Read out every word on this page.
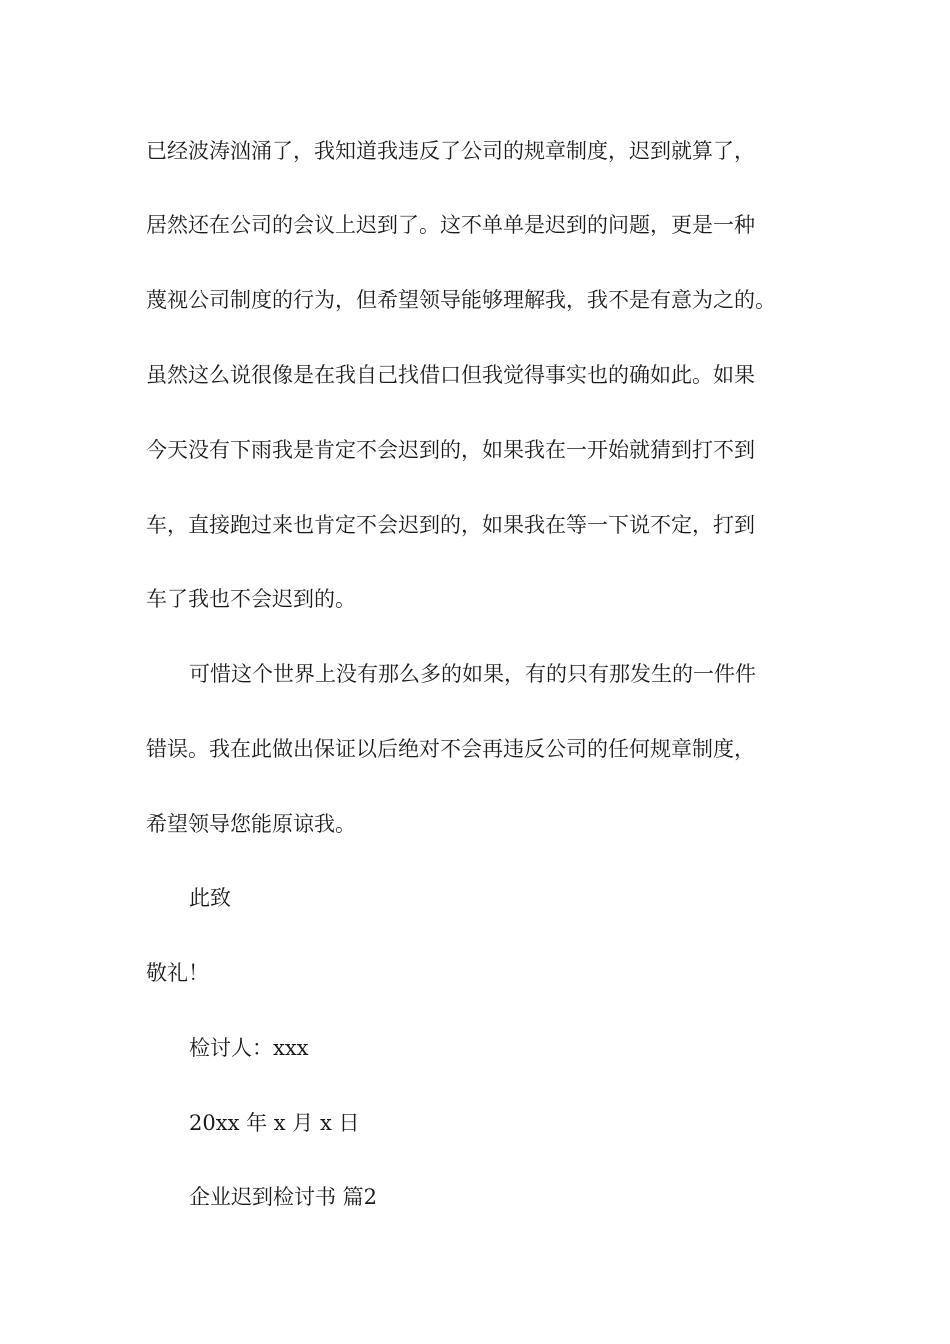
已经波涛汹涌了，我知道我违反了公司的规章制度，迟到就算了，
居然还在公司的会议上迟到了。这不单单是迟到的问题，更是一种
蔑视公司制度的行为，但希望领导能够理解我，我不是有意为之的。
虽然这么说很像是在我自己找借口但我觉得事实也的确如此。如果
今天没有下雨我是肯定不会迟到的，如果我在一开始就猜到打不到
车，直接跑过来也肯定不会迟到的，如果我在等一下说不定，打到
车了我也不会迟到的。
可惜这个世界上没有那么多的如果，有的只有那发生的一件件
错误。我在此做出保证以后绝对不会再违反公司的任何规章制度，
希望领导您能原谅我。
此致
敬礼！
检讨人：xxx
20xx 年 x 月 x 日
企业迟到检讨书 篇2
